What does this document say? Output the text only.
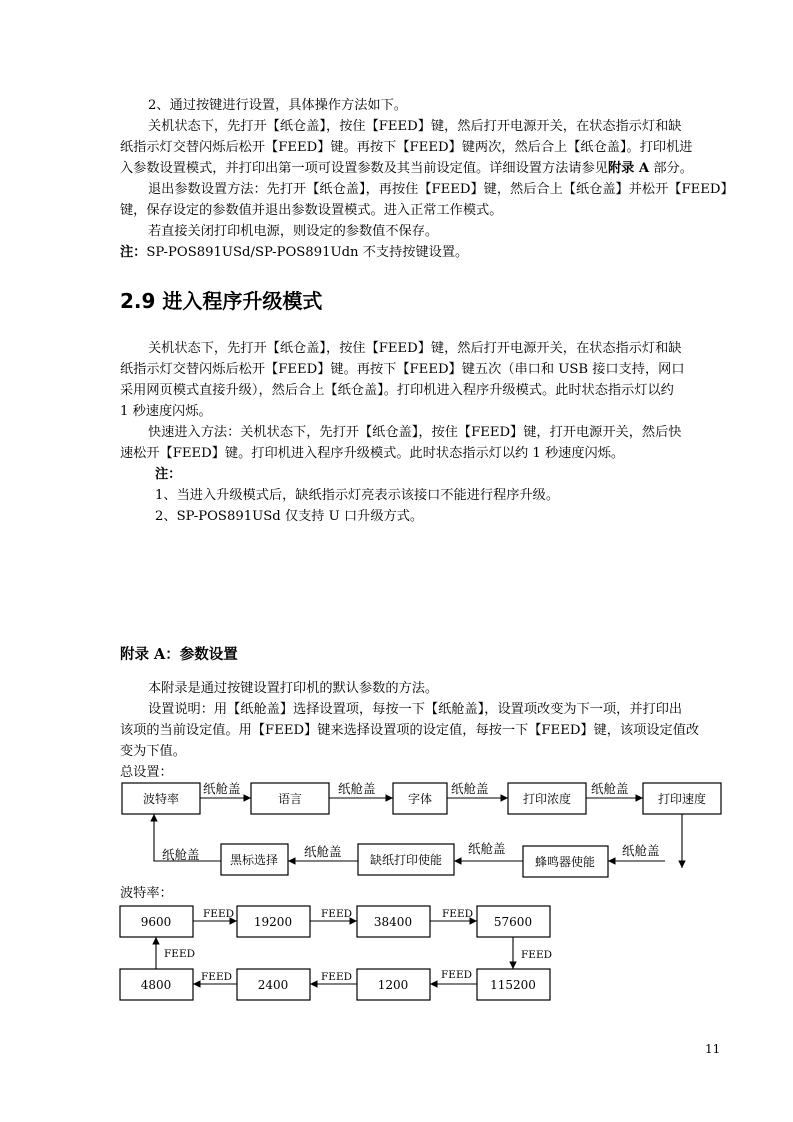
2、通过按键进行设置，具体操作方法如下。
关机状态下，先打开【纸仓盖】，按住【FEED】键，然后打开电源开关，在状态指示灯和缺
纸指示灯交替闪烁后松开【FEED】键。再按下【FEED】键两次，然后合上【纸仓盖】。打印机进
入参数设置模式，并打印出第一项可设置参数及其当前设定值。详细设置方法请参见附录 A 部分。
退出参数设置方法：先打开【纸仓盖】，再按住【FEED】键，然后合上【纸仓盖】并松开【FEED】
键，保存设定的参数值并退出参数设置模式。进入正常工作模式。
若直接关闭打印机电源，则设定的参数值不保存。
注：SP-POS891USd/SP-POS891Udn 不支持按键设置。
2.9 进入程序升级模式
关机状态下，先打开【纸仓盖】，按住【FEED】键，然后打开电源开关，在状态指示灯和缺
纸指示灯交替闪烁后松开【FEED】键。再按下【FEED】键五次（串口和 USB 接口支持，网口
采用网页模式直接升级），然后合上【纸仓盖】。打印机进入程序升级模式。此时状态指示灯以约
1 秒速度闪烁。
快速进入方法：关机状态下，先打开【纸仓盖】，按住【FEED】键，打开电源开关，然后快
速松开【FEED】键。打印机进入程序升级模式。此时状态指示灯以约 1 秒速度闪烁。
注：
1、当进入升级模式后，缺纸指示灯亮表示该接口不能进行程序升级。
2、SP-POS891USd 仅支持 U 口升级方式。
附录 A：参数设置
本附录是通过按键设置打印机的默认参数的方法。
设置说明：用【纸舱盖】选择设置项，每按一下【纸舱盖】，设置项改变为下一项，并打印出
该项的当前设定值。用【FEED】键来选择设置项的设定值，每按一下【FEED】键，该项设定值改
变为下值。
总设置：
波特率：
波特率	语言	字体	打印浓度	打印速度
蜂鸣器使能
缺纸打印使能
黑标选择
纸舱盖	纸舱盖	纸舱盖	纸舱盖
纸舱盖
纸舱盖
纸舱盖
纸舱盖
9600	19200	38400	57600
115200
1200
2400
4800
FEED	FEED	FEED
FEED
FEED
FEED
FEED
FEED
11
